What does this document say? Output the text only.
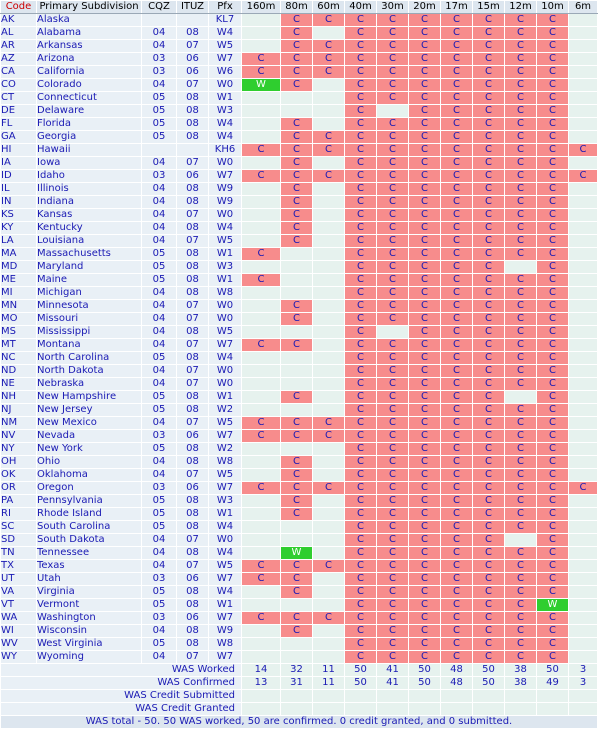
Code	Primary Subdivision	CQZ	ITUZ	Pfx	160m	80m	60m	40m	30m	20m	17m	15m	12m	10m	6m
AK	Alaska			KL7		C	C	C	C	C	C	C	C	C	
AL	Alabama	04	08	W4		C		C	C	C	C	C	C	C	
AR	Arkansas	04	07	W5		C	C	C	C	C	C	C	C	C	
AZ	Arizona	03	06	W7	C	C	C	C	C	C	C	C	C	C	
CA	California	03	06	W6	C	C	C	C	C	C	C	C	C	C	
CO	Colorado	04	07	W0	W	C		C	C	C	C	C	C	C	
CT	Connecticut	05	08	W1				C	C	C	C	C	C	C	
DE	Delaware	05	08	W3				C		C	C	C	C	C	
FL	Florida	05	08	W4		C		C	C	C	C	C	C	C	
GA	Georgia	05	08	W4		C	C	C	C	C	C	C	C	C	
HI	Hawaii			KH6	C	C	C	C	C	C	C	C	C	C	C
IA	Iowa	04	07	W0		C		C	C	C	C	C	C	C	
ID	Idaho	03	06	W7	C	C	C	C	C	C	C	C	C	C	C
IL	Illinois	04	08	W9		C		C	C	C	C	C	C	C	
IN	Indiana	04	08	W9		C		C	C	C	C	C	C	C	
KS	Kansas	04	07	W0		C		C	C	C	C	C	C	C	
KY	Kentucky	04	08	W4		C		C	C	C	C	C	C	C	
LA	Louisiana	04	07	W5		C		C	C	C	C	C	C	C	
MA	Massachusetts	05	08	W1	C			C	C	C	C	C	C	C	
MD	Maryland	05	08	W3				C	C	C	C	C		C	
ME	Maine	05	08	W1	C			C	C	C	C	C	C	C	
MI	Michigan	04	08	W8				C	C	C	C	C	C	C	
MN	Minnesota	04	07	W0		C		C	C	C	C	C	C	C	
MO	Missouri	04	07	W0		C		C	C	C	C	C	C	C	
MS	Mississippi	04	08	W5				C		C	C	C	C	C	
MT	Montana	04	07	W7	C	C		C	C	C	C	C	C	C	
NC	North Carolina	05	08	W4				C	C	C	C	C	C	C	
ND	North Dakota	04	07	W0				C	C	C	C	C	C	C	
NE	Nebraska	04	07	W0				C	C	C	C	C	C	C	
NH	New Hampshire	05	08	W1		C		C	C	C	C	C		C	
NJ	New Jersey	05	08	W2				C	C	C	C	C	C	C	
NM	New Mexico	04	07	W5	C	C	C	C	C	C	C	C	C	C	
NV	Nevada	03	06	W7	C	C	C	C	C	C	C	C	C	C	
NY	New York	05	08	W2				C	C	C	C	C	C	C	
OH	Ohio	04	08	W8		C		C	C	C	C	C	C	C	
OK	Oklahoma	04	07	W5		C		C	C	C	C	C	C	C	
OR	Oregon	03	06	W7	C	C	C	C	C	C	C	C	C	C	C
PA	Pennsylvania	05	08	W3		C		C	C	C	C	C	C	C	
RI	Rhode Island	05	08	W1		C		C	C	C	C	C	C	C	
SC	South Carolina	05	08	W4				C	C	C	C	C	C	C	
SD	South Dakota	04	07	W0				C	C	C	C	C		C	
TN	Tennessee	04	08	W4		W		C	C	C	C	C	C	C	
TX	Texas	04	07	W5	C	C	C	C	C	C	C	C	C	C	
UT	Utah	03	06	W7	C	C		C	C	C	C	C	C	C	
VA	Virginia	05	08	W4		C		C	C	C	C	C	C	C	
VT	Vermont	05	08	W1				C	C	C	C	C	C	W	
WA	Washington	03	06	W7	C	C	C	C	C	C	C	C	C	C	
WI	Wisconsin	04	08	W9		C		C	C	C	C	C	C	C	
WV	West Virginia	05	08	W8				C	C	C	C	C	C	C	
WY	Wyoming	04	07	W7				C	C	C	C	C	C	C	
WAS Worked					14	32	11	50	41	50	48	50	38	50	3
WAS Confirmed					13	31	11	50	41	50	48	50	38	49	3
WAS Credit Submitted															
WAS Credit Granted															
WAS total - 50. 50 WAS worked, 50 are confirmed. 0 credit granted, and 0 submitted.															
